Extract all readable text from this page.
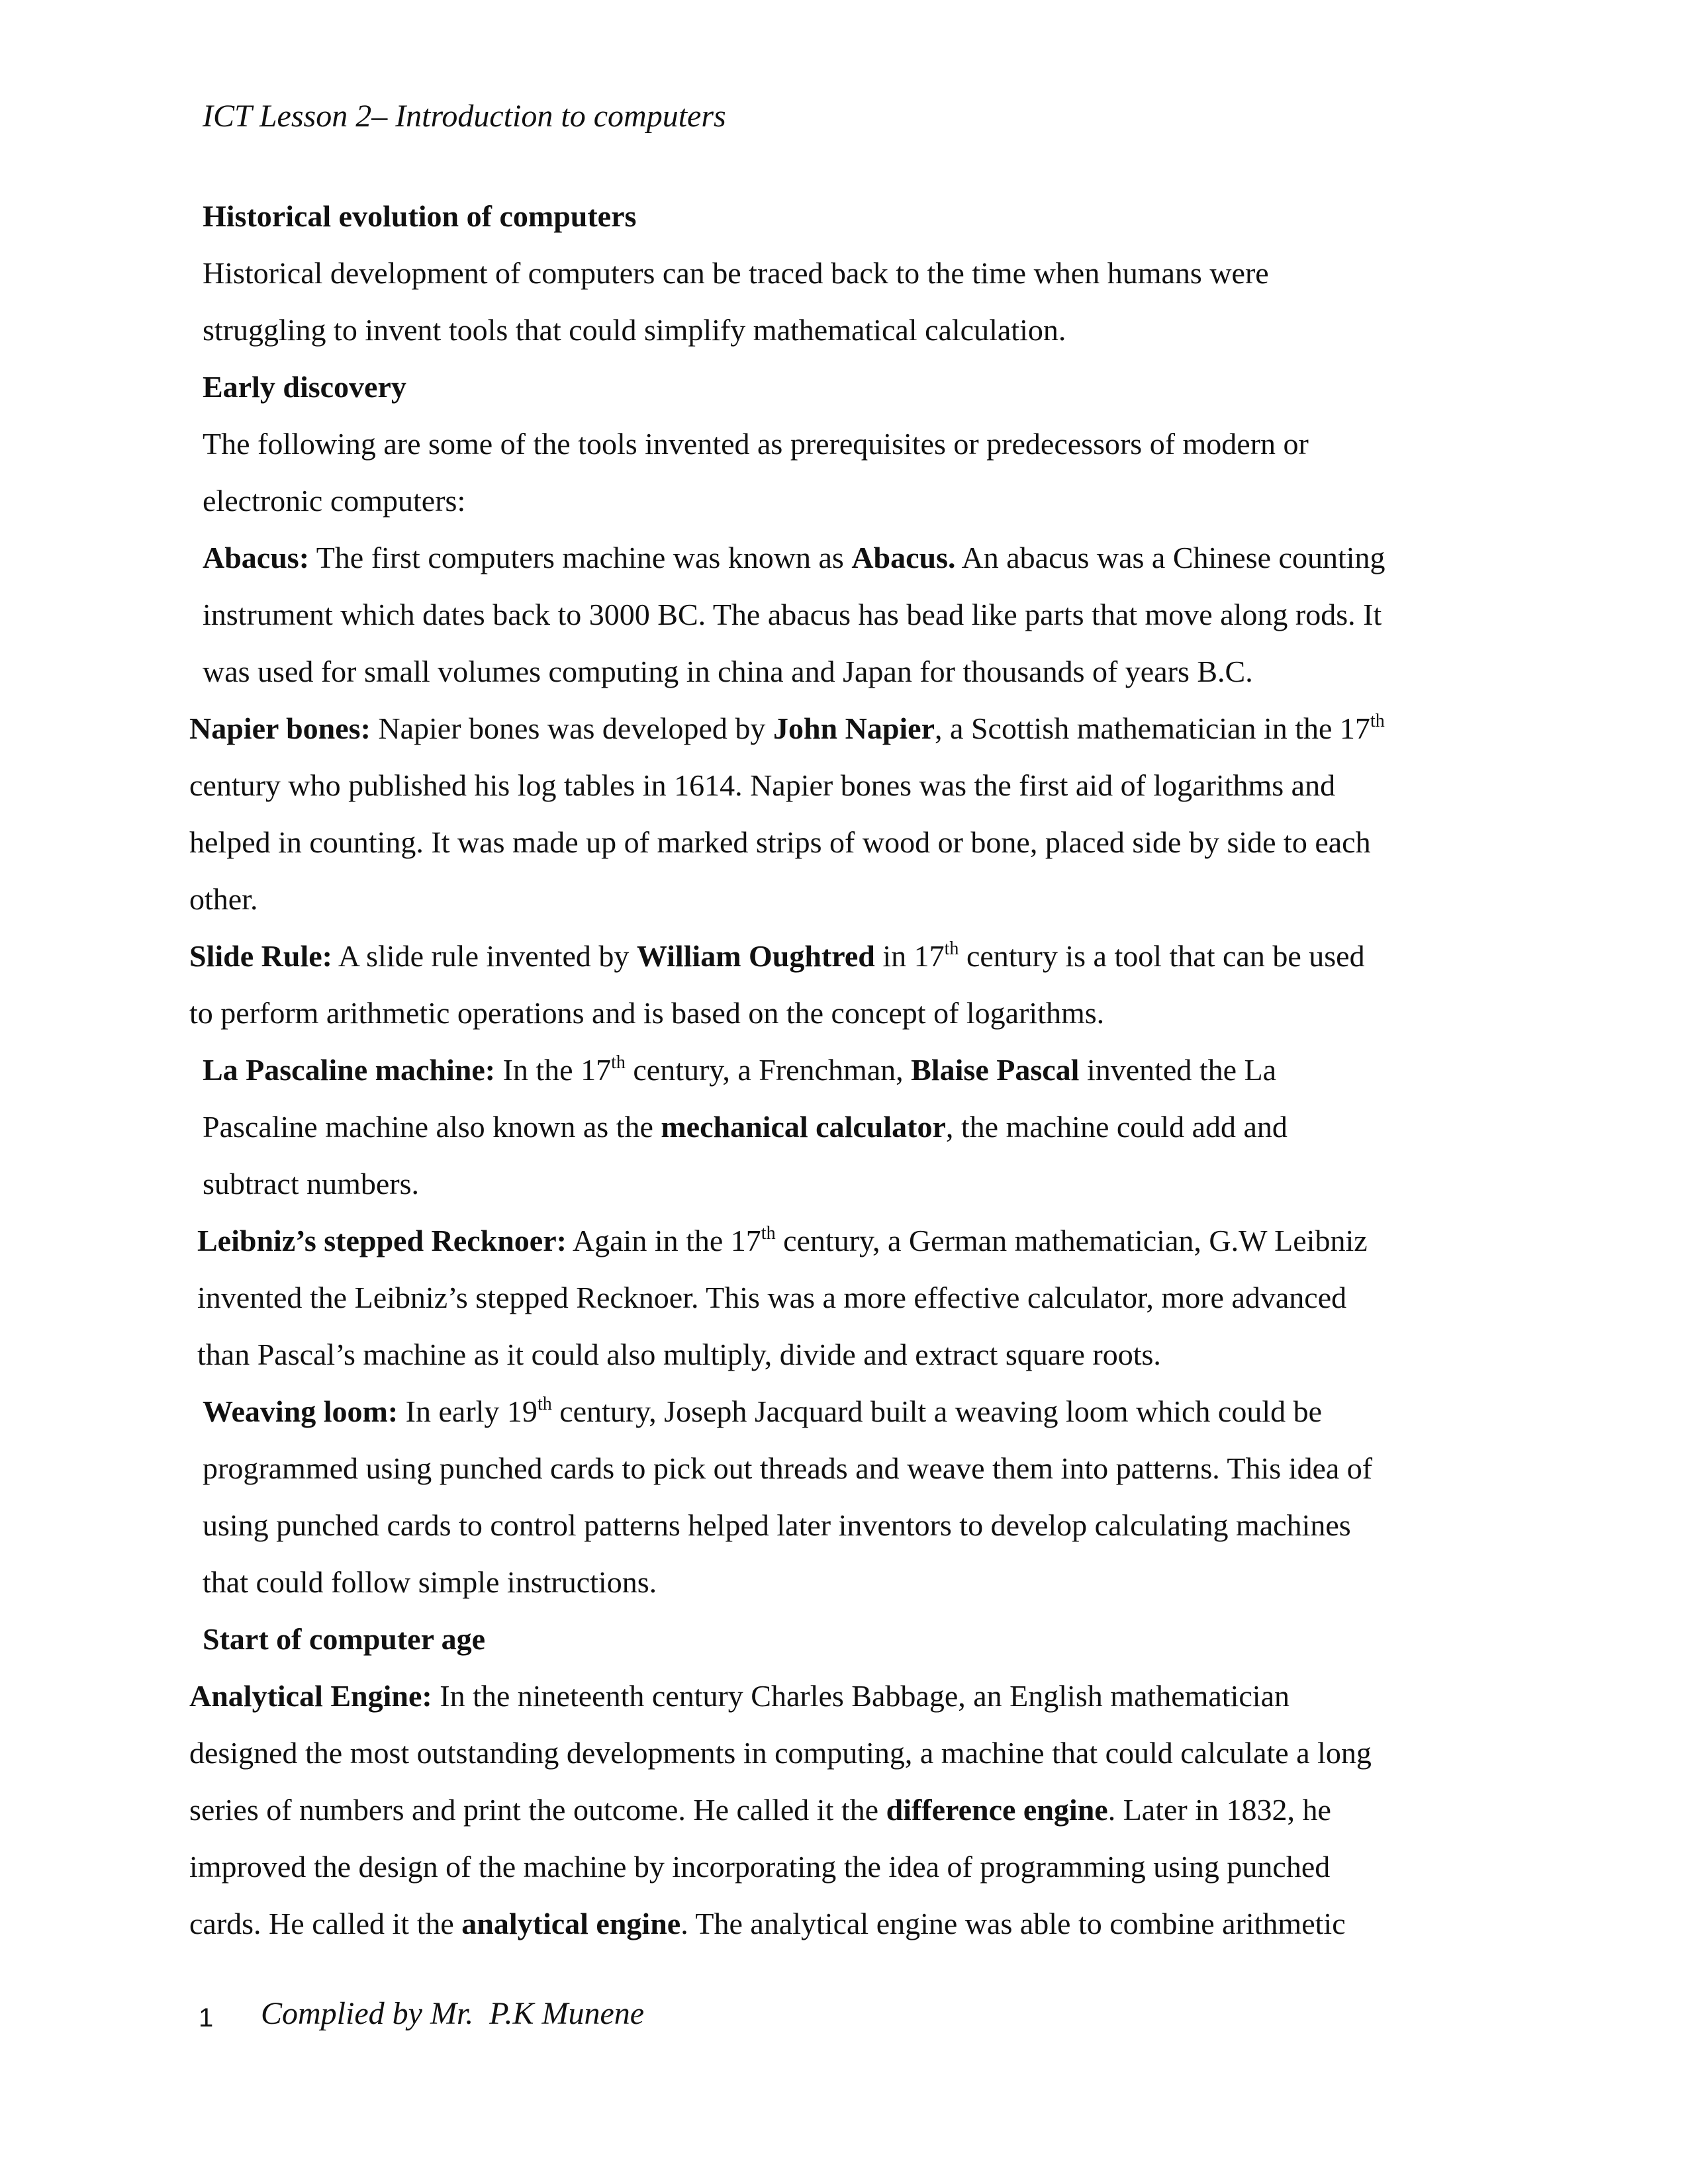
ICT Lesson 2– Introduction to computers
Historical evolution of computers
Historical development of computers can be traced back to the time when humans were
struggling to invent tools that could simplify mathematical calculation.
Early discovery
The following are some of the tools invented as prerequisites or predecessors of modern or
electronic computers:
Abacus: The first computers machine was known as Abacus. An abacus was a Chinese counting
instrument which dates back to 3000 BC. The abacus has bead like parts that move along rods. It
was used for small volumes computing in china and Japan for thousands of years B.C.
Napier bones: Napier bones was developed by John Napier, a Scottish mathematician in the 17th
century who published his log tables in 1614. Napier bones was the first aid of logarithms and
helped in counting. It was made up of marked strips of wood or bone, placed side by side to each
other.
Slide Rule: A slide rule invented by William Oughtred in 17th century is a tool that can be used
to perform arithmetic operations and is based on the concept of logarithms.
La Pascaline machine: In the 17th century, a Frenchman, Blaise Pascal invented the La
Pascaline machine also known as the mechanical calculator, the machine could add and
subtract numbers.
Leibniz’s stepped Recknoer: Again in the 17th century, a German mathematician, G.W Leibniz
invented the Leibniz’s stepped Recknoer. This was a more effective calculator, more advanced
than Pascal’s machine as it could also multiply, divide and extract square roots.
Weaving loom: In early 19th century, Joseph Jacquard built a weaving loom which could be
programmed using punched cards to pick out threads and weave them into patterns. This idea of
using punched cards to control patterns helped later inventors to develop calculating machines
that could follow simple instructions.
Start of computer age
Analytical Engine: In the nineteenth century Charles Babbage, an English mathematician
designed the most outstanding developments in computing, a machine that could calculate a long
series of numbers and print the outcome. He called it the difference engine. Later in 1832, he
improved the design of the machine by incorporating the idea of programming using punched
cards. He called it the analytical engine. The analytical engine was able to combine arithmetic
1 Complied by Mr.  P.K Munene
